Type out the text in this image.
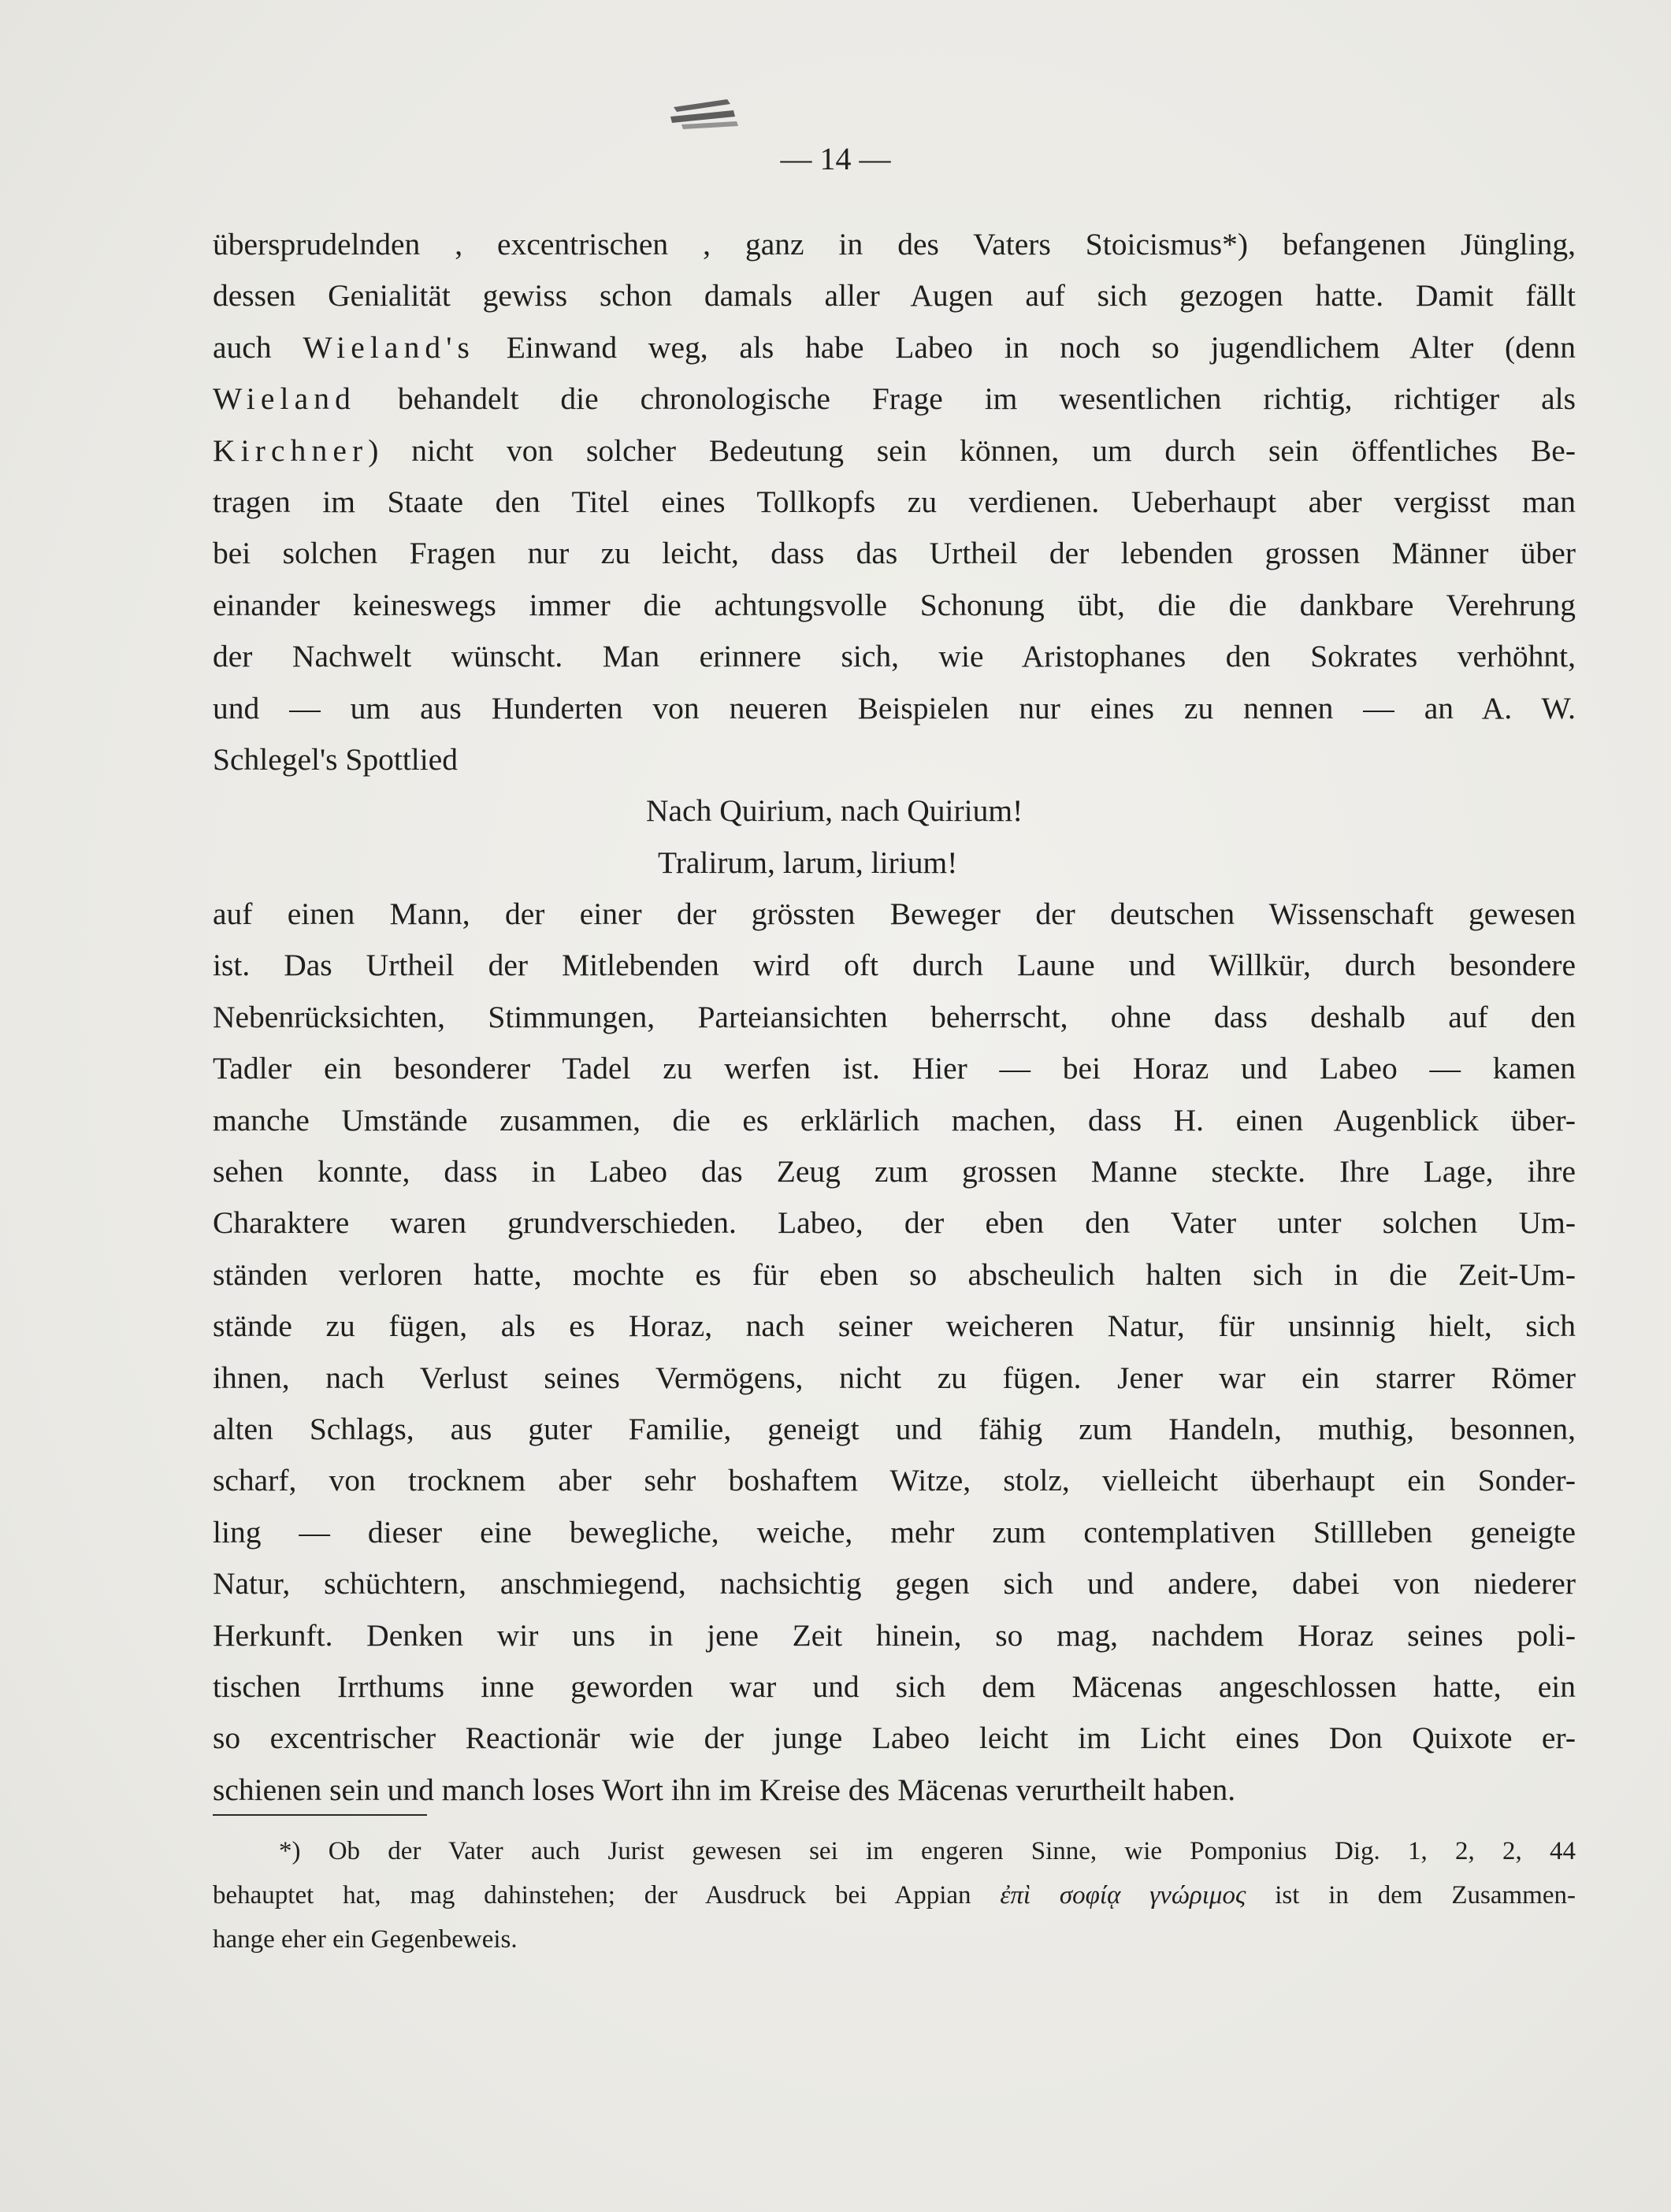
— 14 —
übersprudelnden , excentrischen , ganz in des Vaters Stoicismus*) befangenen Jüngling,
dessen Genialität gewiss schon damals aller Augen auf sich gezogen hatte. Damit fällt
auch Wieland's Einwand weg, als habe Labeo in noch so jugendlichem Alter (denn
Wieland behandelt die chronologische Frage im wesentlichen richtig, richtiger als
Kirchner) nicht von solcher Bedeutung sein können, um durch sein öffentliches Be-
tragen im Staate den Titel eines Tollkopfs zu verdienen. Ueberhaupt aber vergisst man
bei solchen Fragen nur zu leicht, dass das Urtheil der lebenden grossen Männer über
einander keineswegs immer die achtungsvolle Schonung übt, die die dankbare Verehrung
der Nachwelt wünscht. Man erinnere sich, wie Aristophanes den Sokrates verhöhnt,
und — um aus Hunderten von neueren Beispielen nur eines zu nennen — an A. W.
Schlegel's Spottlied
Nach Quirium, nach Quirium!
Tralirum, larum, lirium!
auf einen Mann, der einer der grössten Beweger der deutschen Wissenschaft gewesen
ist. Das Urtheil der Mitlebenden wird oft durch Laune und Willkür, durch besondere
Nebenrücksichten, Stimmungen, Parteiansichten beherrscht, ohne dass deshalb auf den
Tadler ein besonderer Tadel zu werfen ist. Hier — bei Horaz und Labeo — kamen
manche Umstände zusammen, die es erklärlich machen, dass H. einen Augenblick über-
sehen konnte, dass in Labeo das Zeug zum grossen Manne steckte. Ihre Lage, ihre
Charaktere waren grundverschieden. Labeo, der eben den Vater unter solchen Um-
ständen verloren hatte, mochte es für eben so abscheulich halten sich in die Zeit-Um-
stände zu fügen, als es Horaz, nach seiner weicheren Natur, für unsinnig hielt, sich
ihnen, nach Verlust seines Vermögens, nicht zu fügen. Jener war ein starrer Römer
alten Schlags, aus guter Familie, geneigt und fähig zum Handeln, muthig, besonnen,
scharf, von trocknem aber sehr boshaftem Witze, stolz, vielleicht überhaupt ein Sonder-
ling — dieser eine bewegliche, weiche, mehr zum contemplativen Stillleben geneigte
Natur, schüchtern, anschmiegend, nachsichtig gegen sich und andere, dabei von niederer
Herkunft. Denken wir uns in jene Zeit hinein, so mag, nachdem Horaz seines poli-
tischen Irrthums inne geworden war und sich dem Mäcenas angeschlossen hatte, ein
so excentrischer Reactionär wie der junge Labeo leicht im Licht eines Don Quixote er-
schienen sein und manch loses Wort ihn im Kreise des Mäcenas verurtheilt haben.
*) Ob der Vater auch Jurist gewesen sei im engeren Sinne, wie Pomponius Dig. 1, 2, 2, 44
behauptet hat, mag dahinstehen; der Ausdruck bei Appian ἐπὶ σοφίᾳ γνώριμος ist in dem Zusammen-
hange eher ein Gegenbeweis.
